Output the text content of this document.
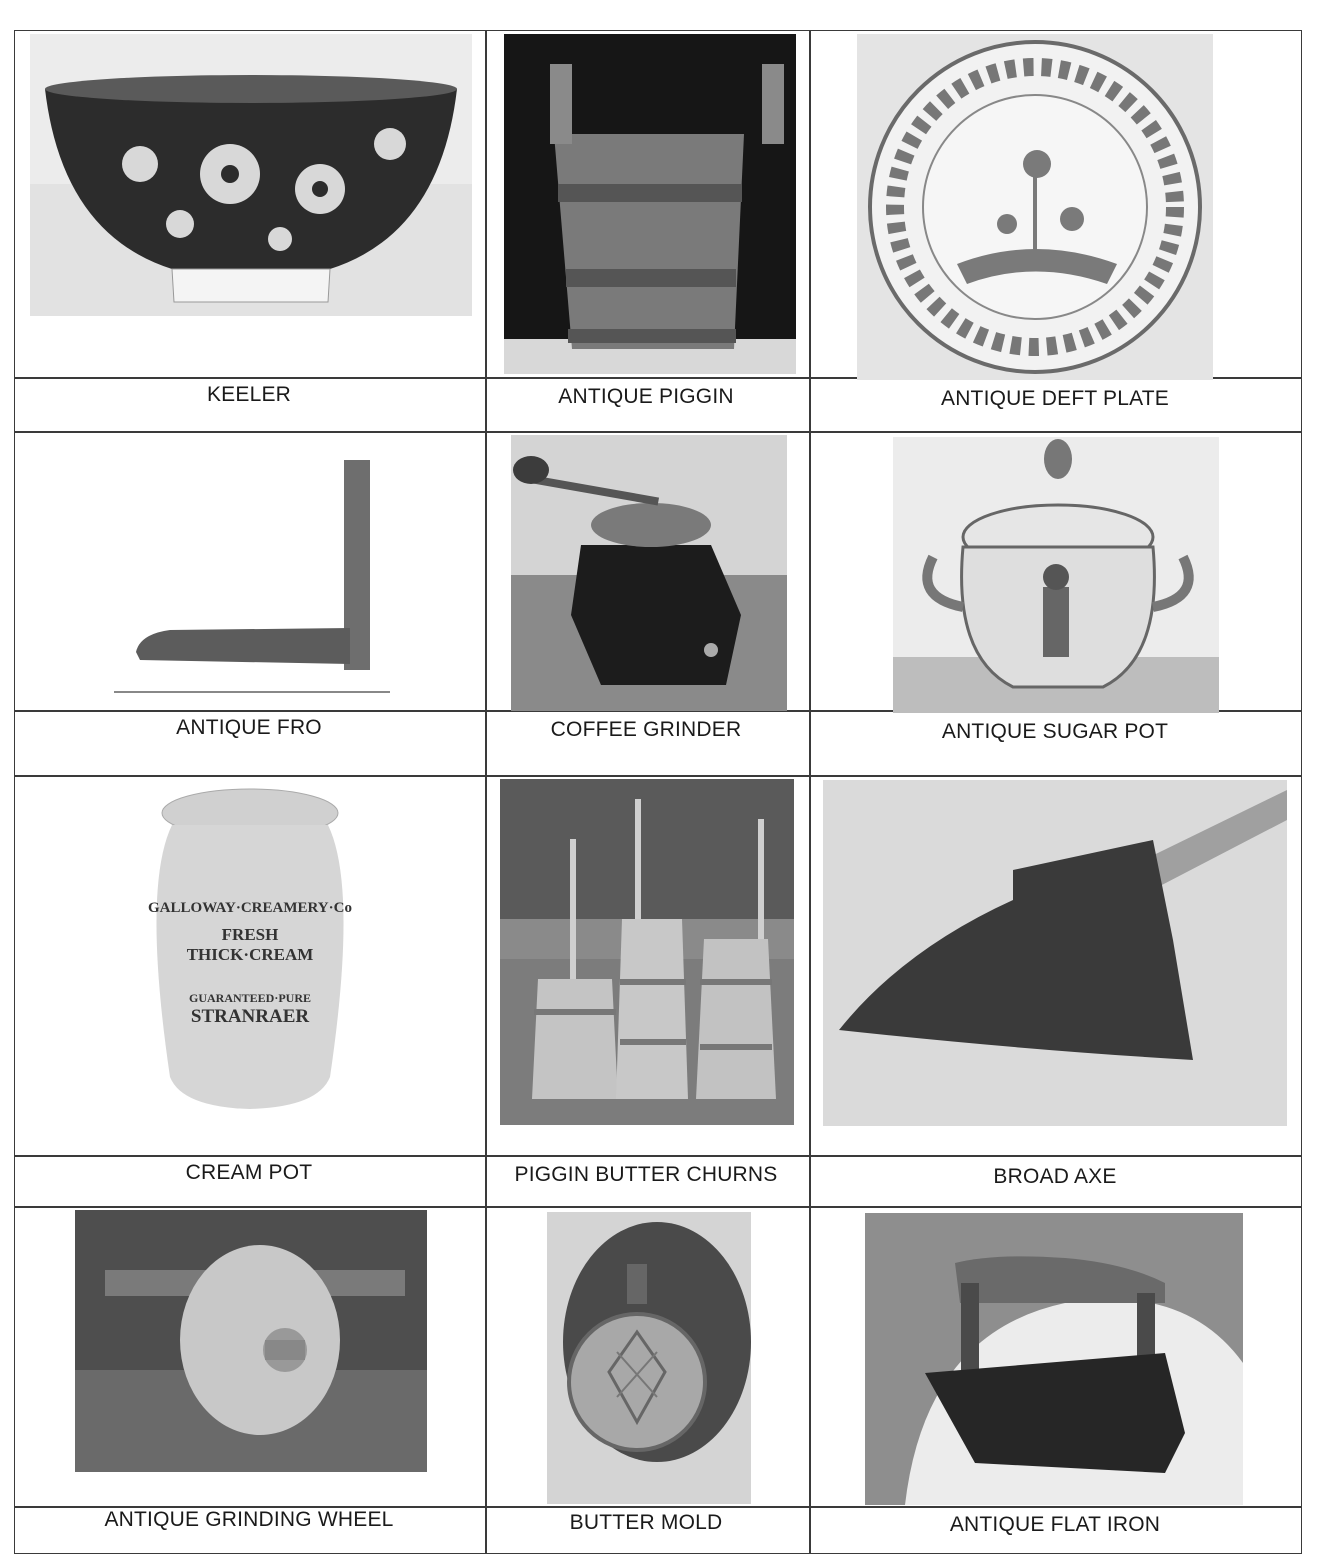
KEELER	ANTIQUE PIGGIN	ANTIQUE DEFT PLATE
ANTIQUE FRO	COFFEE GRINDER	ANTIQUE SUGAR POT
GALLOWAY·CREAMERY·Co
FRESH
THICK·CREAM
GUARANTEED·PURE
STRANRAER
CREAM POT	PIGGIN BUTTER CHURNS	BROAD AXE
ANTIQUE GRINDING WHEEL	BUTTER MOLD	ANTIQUE FLAT IRON
